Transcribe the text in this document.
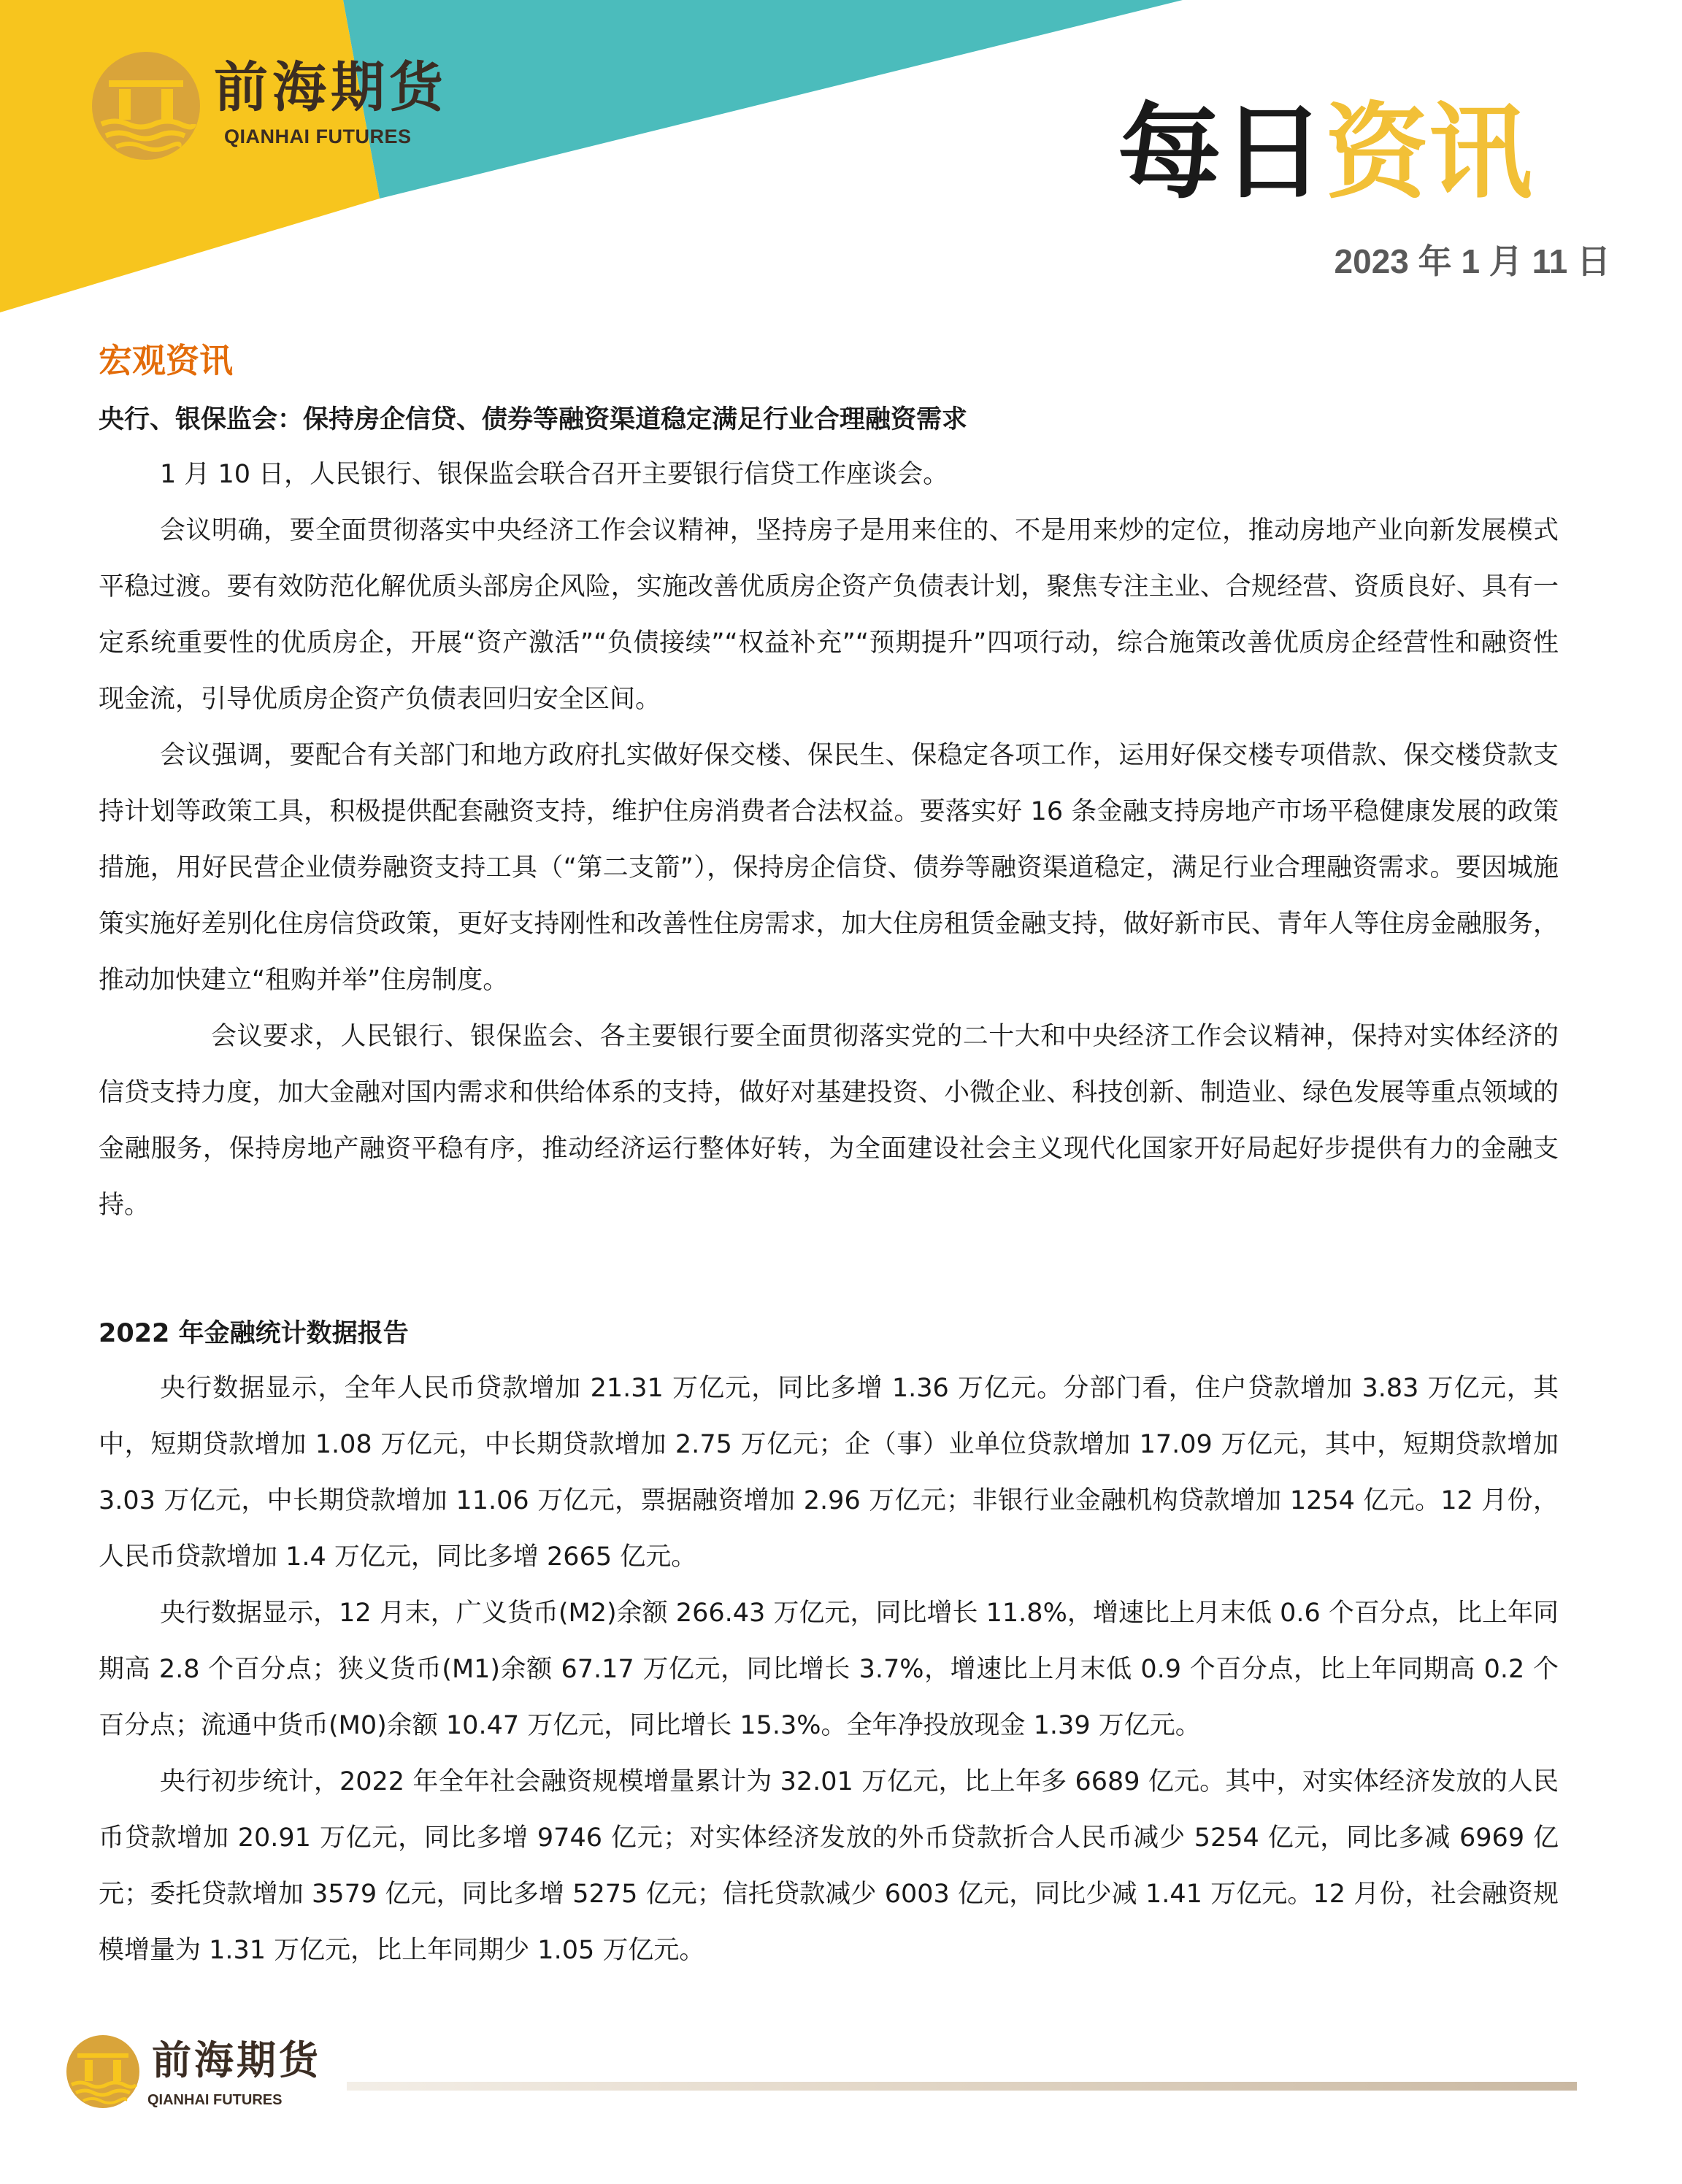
前海期货
QIANHAI FUTURES	每日资讯
2023 年 1 月 11 日
宏观资讯

央行、银保监会：保持房企信贷、债券等融资渠道稳定满足行业合理融资需求

1 月 10 日，人民银行、银保监会联合召开主要银行信贷工作座谈会。

会议明确，要全面贯彻落实中央经济工作会议精神，坚持房子是用来住的、不是用来炒的定位，推动房地产业向新发展模式平稳过渡。要有效防范化解优质头部房企风险，实施改善优质房企资产负债表计划，聚焦专注主业、合规经营、资质良好、具有一定系统重要性的优质房企，开展“资产激活”“负债接续”“权益补充”“预期提升”四项行动，综合施策改善优质房企经营性和融资性现金流，引导优质房企资产负债表回归安全区间。

会议强调，要配合有关部门和地方政府扎实做好保交楼、保民生、保稳定各项工作，运用好保交楼专项借款、保交楼贷款支持计划等政策工具，积极提供配套融资支持，维护住房消费者合法权益。要落实好 16 条金融支持房地产市场平稳健康发展的政策措施，用好民营企业债券融资支持工具（“第二支箭”），保持房企信贷、债券等融资渠道稳定，满足行业合理融资需求。要因城施策实施好差别化住房信贷政策，更好支持刚性和改善性住房需求，加大住房租赁金融支持，做好新市民、青年人等住房金融服务，推动加快建立“租购并举”住房制度。

会议要求，人民银行、银保监会、各主要银行要全面贯彻落实党的二十大和中央经济工作会议精神，保持对实体经济的信贷支持力度，加大金融对国内需求和供给体系的支持，做好对基建投资、小微企业、科技创新、制造业、绿色发展等重点领域的金融服务，保持房地产融资平稳有序，推动经济运行整体好转，为全面建设社会主义现代化国家开好局起好步提供有力的金融支持。

2022 年金融统计数据报告

央行数据显示，全年人民币贷款增加 21.31 万亿元，同比多增 1.36 万亿元。分部门看，住户贷款增加 3.83 万亿元，其中，短期贷款增加 1.08 万亿元，中长期贷款增加 2.75 万亿元；企（事）业单位贷款增加 17.09 万亿元，其中，短期贷款增加 3.03 万亿元，中长期贷款增加 11.06 万亿元，票据融资增加 2.96 万亿元；非银行业金融机构贷款增加 1254 亿元。12 月份，人民币贷款增加 1.4 万亿元，同比多增 2665 亿元。

央行数据显示，12 月末，广义货币(M2)余额 266.43 万亿元，同比增长 11.8%，增速比上月末低 0.6 个百分点，比上年同期高 2.8 个百分点；狭义货币(M1)余额 67.17 万亿元，同比增长 3.7%，增速比上月末低 0.9 个百分点，比上年同期高 0.2 个百分点；流通中货币(M0)余额 10.47 万亿元，同比增长 15.3%。全年净投放现金 1.39 万亿元。

央行初步统计，2022 年全年社会融资规模增量累计为 32.01 万亿元，比上年多 6689 亿元。其中，对实体经济发放的人民币贷款增加 20.91 万亿元，同比多增 9746 亿元；对实体经济发放的外币贷款折合人民币减少 5254 亿元，同比多减 6969 亿元；委托贷款增加 3579 亿元，同比多增 5275 亿元；信托贷款减少 6003 亿元，同比少减 1.41 万亿元。12 月份，社会融资规模增量为 1.31 万亿元，比上年同期少 1.05 万亿元。

前海期货
QIANHAI FUTURES
